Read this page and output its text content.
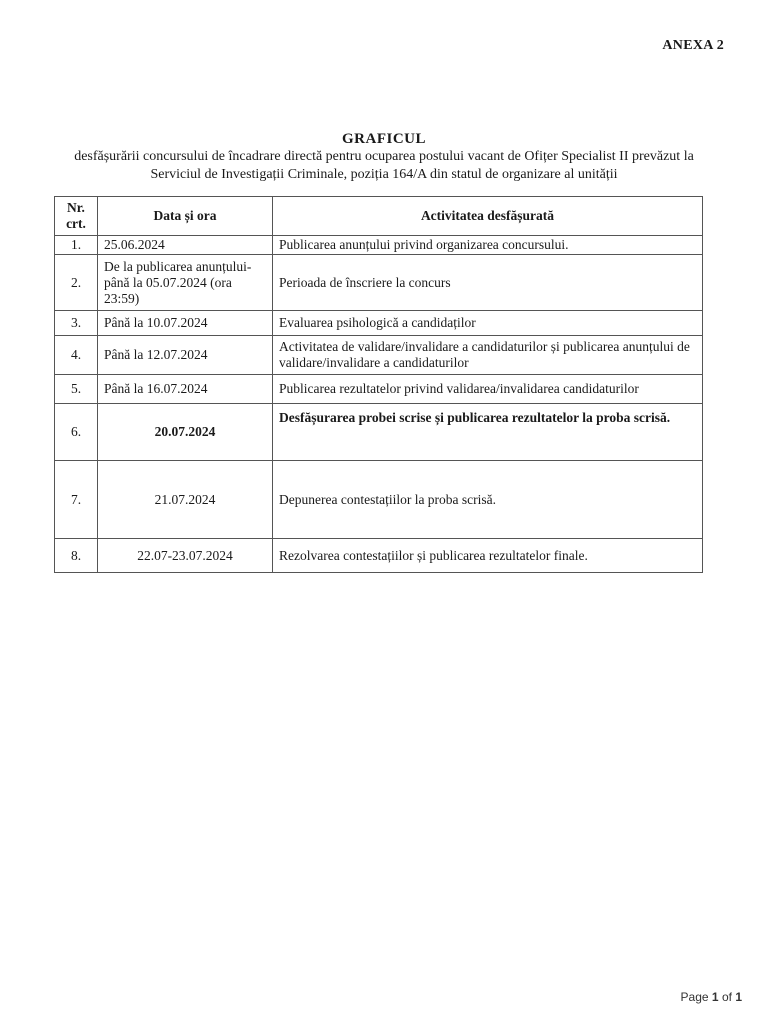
ANEXA 2
GRAFICUL
desfășurării concursului de încadrare directă pentru ocuparea postului vacant de Ofițer Specialist II prevăzut la
Serviciul de Investigații Criminale, poziția 164/A din statul de organizare al unității
Nr. crt.	Data și ora	Activitatea desfășurată
1.	25.06.2024	Publicarea anunțului privind organizarea concursului.
2.	De la publicarea anunțului-până la 05.07.2024 (ora 23:59)	Perioada de înscriere la concurs
3.	Până la 10.07.2024	Evaluarea psihologică a candidaților
4.	Până la 12.07.2024	Activitatea de validare/invalidare a candidaturilor și publicarea anunțului de validare/invalidare a candidaturilor
5.	Până la 16.07.2024	Publicarea rezultatelor privind validarea/invalidarea candidaturilor
6.	20.07.2024	Desfășurarea probei scrise și publicarea rezultatelor la proba scrisă.
7.	21.07.2024	Depunerea contestațiilor la proba scrisă.
8.	22.07-23.07.2024	Rezolvarea contestațiilor și publicarea rezultatelor finale.
Page 1 of 1
